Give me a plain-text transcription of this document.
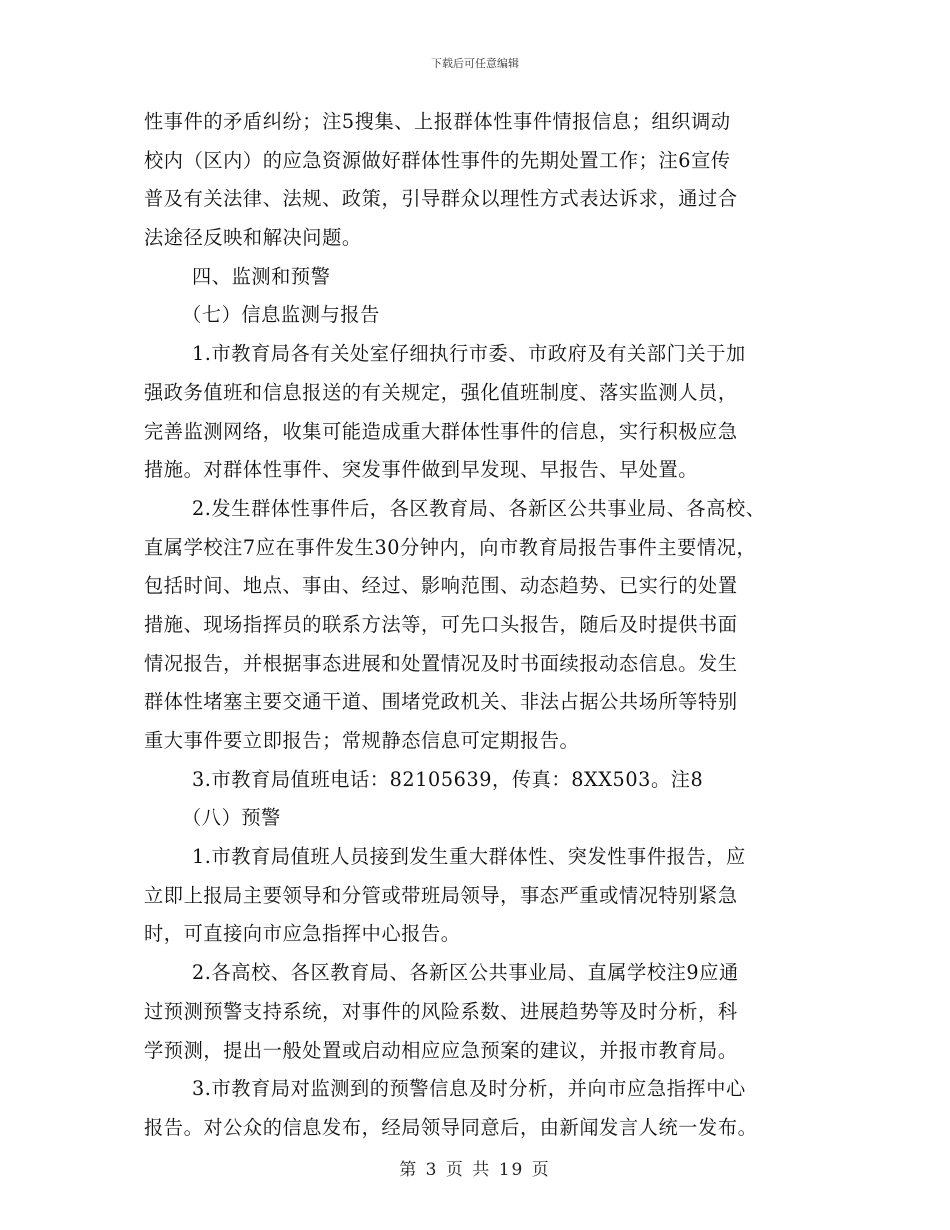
下载后可任意编辑
性事件的矛盾纠纷；注5搜集、上报群体性事件情报信息；组织调动
校内（区内）的应急资源做好群体性事件的先期处置工作；注6宣传
普及有关法律、法规、政策，引导群众以理性方式表达诉求，通过合
法途径反映和解决问题。
四、监测和预警
（七）信息监测与报告
1.市教育局各有关处室仔细执行市委、市政府及有关部门关于加
强政务值班和信息报送的有关规定，强化值班制度、落实监测人员，
完善监测网络，收集可能造成重大群体性事件的信息，实行积极应急
措施。对群体性事件、突发事件做到早发现、早报告、早处置。
2.发生群体性事件后，各区教育局、各新区公共事业局、各高校、
直属学校注7应在事件发生30分钟内，向市教育局报告事件主要情况，
包括时间、地点、事由、经过、影响范围、动态趋势、已实行的处置
措施、现场指挥员的联系方法等，可先口头报告，随后及时提供书面
情况报告，并根据事态进展和处置情况及时书面续报动态信息。发生
群体性堵塞主要交通干道、围堵党政机关、非法占据公共场所等特别
重大事件要立即报告；常规静态信息可定期报告。
3.市教育局值班电话：82105639，传真：8XX503。注8
（八）预警
1.市教育局值班人员接到发生重大群体性、突发性事件报告，应
立即上报局主要领导和分管或带班局领导，事态严重或情况特别紧急
时，可直接向市应急指挥中心报告。
2.各高校、各区教育局、各新区公共事业局、直属学校注9应通
过预测预警支持系统，对事件的风险系数、进展趋势等及时分析，科
学预测，提出一般处置或启动相应应急预案的建议，并报市教育局。
3.市教育局对监测到的预警信息及时分析，并向市应急指挥中心
报告。对公众的信息发布，经局领导同意后，由新闻发言人统一发布。
第 3 页 共 19 页
